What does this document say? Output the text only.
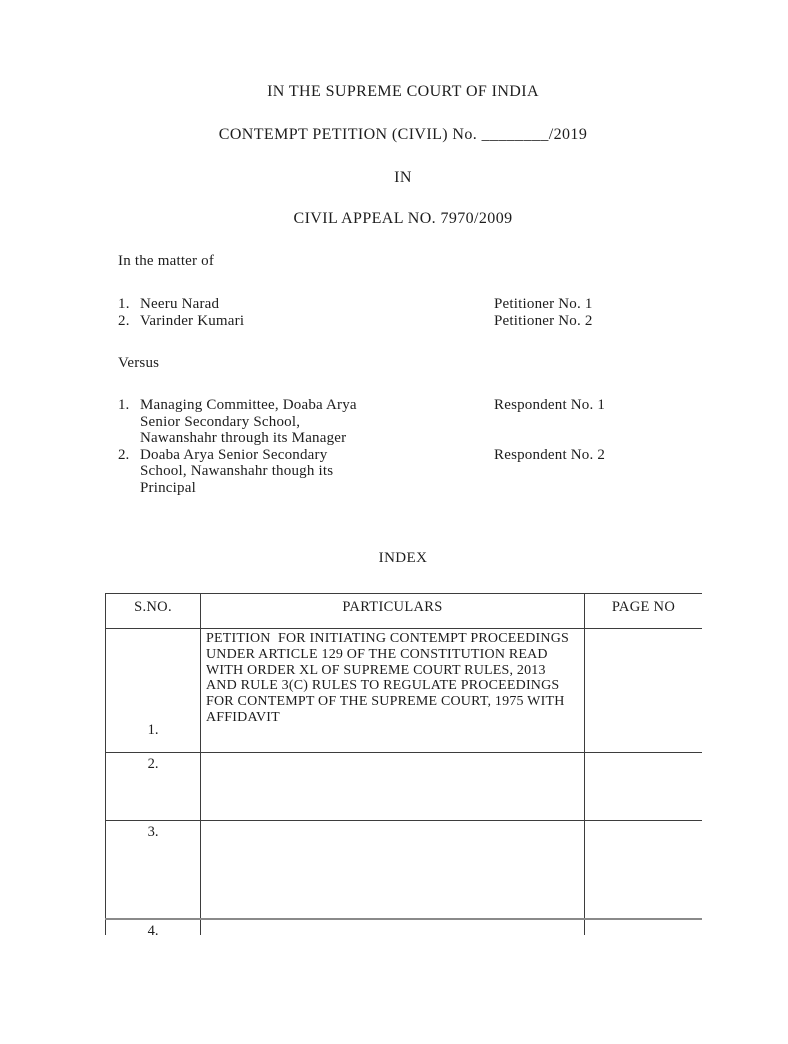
IN THE SUPREME COURT OF INDIA
CONTEMPT PETITION (CIVIL) No. ________/2019
IN
CIVIL APPEAL NO. 7970/2009
In the matter of
1. Neeru Narad	Petitioner No. 1
2. Varinder Kumari	Petitioner No. 2
Versus
1. Managing Committee, Doaba Arya
Senior Secondary School,
Nawanshahr through its Manager
Respondent No. 1
2. Doaba Arya Senior Secondary
School, Nawanshahr though its
Principal
Respondent No. 2
INDEX
S.NO.	PARTICULARS	PAGE NO
1.	PETITION  FOR INITIATING CONTEMPT PROCEEDINGS UNDER ARTICLE 129 OF THE CONSTITUTION READ WITH ORDER XL OF SUPREME COURT RULES, 2013 AND RULE 3(C) RULES TO REGULATE PROCEEDINGS FOR CONTEMPT OF THE SUPREME COURT, 1975 WITH AFFIDAVIT	
2.		
3.		
4.		
